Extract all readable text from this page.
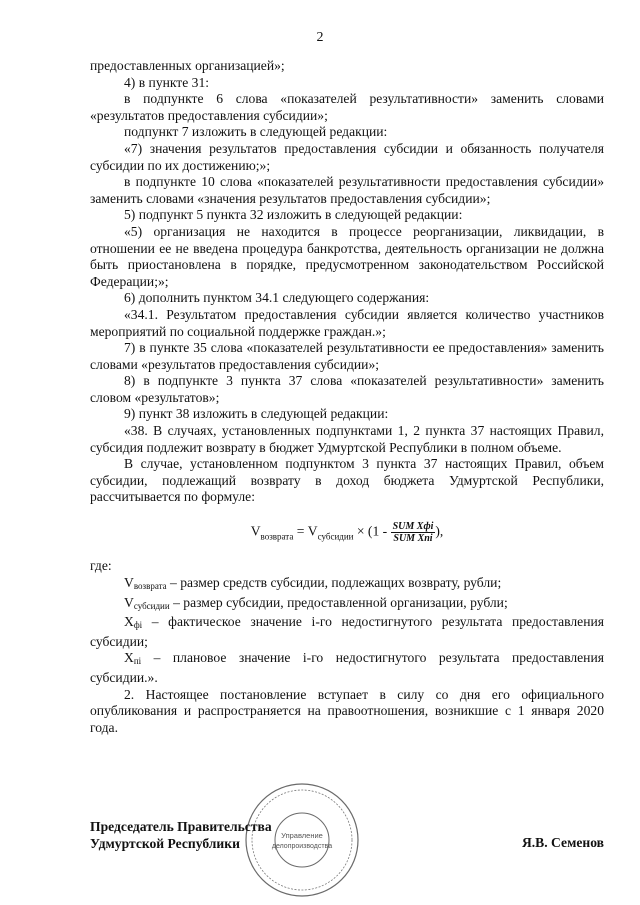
2

предоставленных организацией»;

4) в пункте 31:

в подпункте 6 слова «показателей результативности» заменить словами «результатов предоставления субсидии»;

подпункт 7 изложить в следующей редакции:

«7) значения результатов предоставления субсидии и обязанность получателя субсидии по их достижению;»;

в подпункте 10 слова «показателей результативности предоставления субсидии» заменить словами «значения результатов предоставления субсидии»;

5) подпункт 5 пункта 32 изложить в следующей редакции:

«5) организация не находится в процессе реорганизации, ликвидации, в отношении ее не введена процедура банкротства, деятельность организации не должна быть приостановлена в порядке, предусмотренном законодательством Российской Федерации;»;

6) дополнить пунктом 34.1 следующего содержания:

«34.1. Результатом предоставления субсидии является количество участников мероприятий по социальной поддержке граждан.»;

7) в пункте 35 слова «показателей результативности ее предоставления» заменить словами «результатов предоставления субсидии»;

8) в подпункте 3 пункта 37 слова «показателей результативности» заменить словом «результатов»;

9) пункт 38 изложить в следующей редакции:

«38. В случаях, установленных подпунктами 1, 2 пункта 37 настоящих Правил, субсидия подлежит возврату в бюджет Удмуртской Республики в полном объеме.

В случае, установленном подпунктом 3 пункта 37 настоящих Правил, объем субсидии, подлежащий возврату в доход бюджета Удмуртской Республики, рассчитывается по формуле:

$V_{возврата} = V_{субсидии} \times (1 - \frac{\text{SUM Xфi}}{\text{SUM Xпi}}$ ),

где:

$V_{возврата}$ – размер средств субсидии, подлежащих возврату, рубли;

$V_{субсидии}$ – размер субсидии, предоставленной организации, рубли;

$X_{фi}$ – фактическое значение i-го недостигнутого результата предоставления субсидии;

$X_{пi}$ – плановое значение i-го недостигнутого результата предоставления субсидии.».

2. Настоящее постановление вступает в силу со дня его официального опубликования и распространяется на правоотношения, возникшие с 1 января 2020 года.

Управление
делопроизводства
Председатель Правительства
Удмуртской Республики	Я.В. Семенов
